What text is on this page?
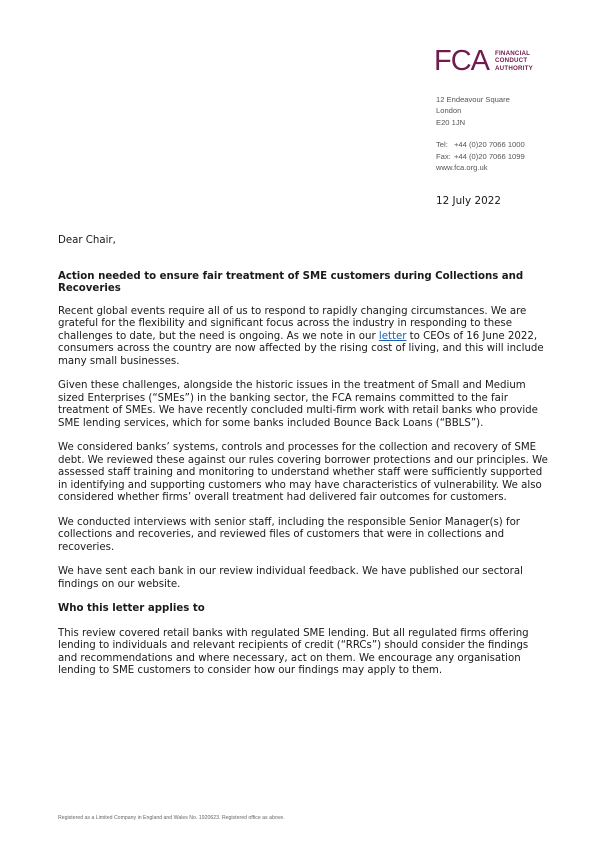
FCA FINANCIAL
CONDUCT
AUTHORITY
12 Endeavour Square
London
E20 1JN
Tel: +44 (0)20 7066 1000
Fax: +44 (0)20 7066 1099
www.fca.org.uk
12 July 2022

Dear Chair,

Action needed to ensure fair treatment of SME customers during Collections and Recoveries

Recent global events require all of us to respond to rapidly changing circumstances. We are grateful for the flexibility and significant focus across the industry in responding to these challenges to date, but the need is ongoing. As we note in our letter to CEOs of 16 June 2022, consumers across the country are now affected by the rising cost of living, and this will include many small businesses.

Given these challenges, alongside the historic issues in the treatment of Small and Medium sized Enterprises (“SMEs”) in the banking sector, the FCA remains committed to the fair treatment of SMEs. We have recently concluded multi-firm work with retail banks who provide SME lending services, which for some banks included Bounce Back Loans (“BBLS”).

We considered banks’ systems, controls and processes for the collection and recovery of SME debt. We reviewed these against our rules covering borrower protections and our principles. We assessed staff training and monitoring to understand whether staff were sufficiently supported in identifying and supporting customers who may have characteristics of vulnerability. We also considered whether firms’ overall treatment had delivered fair outcomes for customers.

We conducted interviews with senior staff, including the responsible Senior Manager(s) for collections and recoveries, and reviewed files of customers that were in collections and recoveries.

We have sent each bank in our review individual feedback. We have published our sectoral findings on our website.

Who this letter applies to

This review covered retail banks with regulated SME lending. But all regulated firms offering lending to individuals and relevant recipients of credit (“RRCs”) should consider the findings and recommendations and where necessary, act on them. We encourage any organisation lending to SME customers to consider how our findings may apply to them.

Registered as a Limited Company in England and Wales No. 1920623. Registered office as above.
